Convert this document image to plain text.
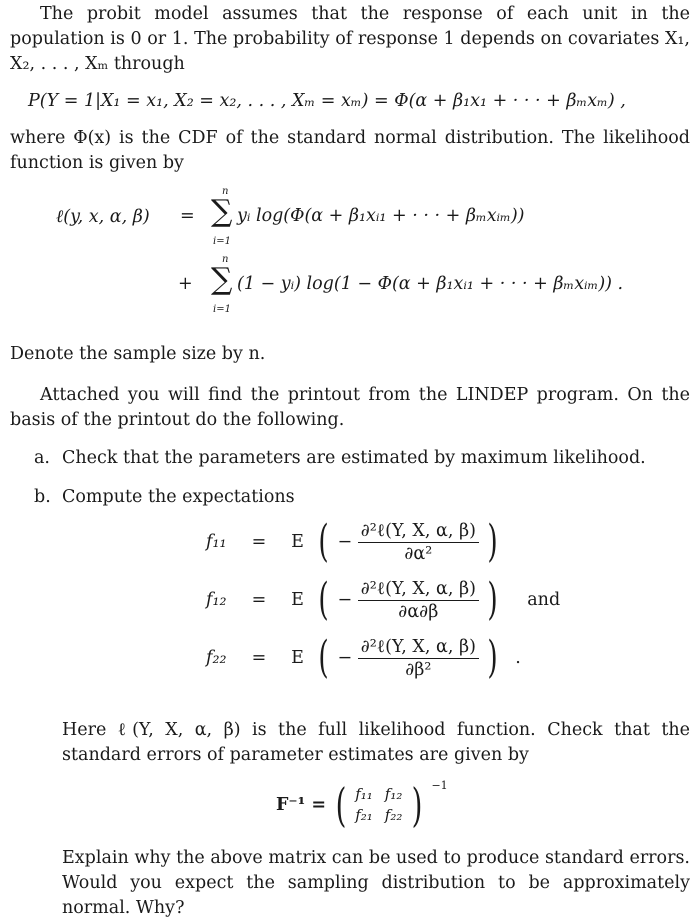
The probit model assumes that the response of each unit in the population is 0 or 1. The probability of response 1 depends on covariates X₁, X₂, . . . , Xₘ through

P(Y = 1|X₁ = x₁, X₂ = x₂, . . . , Xₘ = xₘ) = Φ(α + β₁x₁ + · · · + βₘxₘ) ,

where Φ(x) is the CDF of the standard normal distribution. The likelihood function is given by

ℓ(y, x, α, β) =
n
∑
i=1
yᵢ log(Φ(α + β₁xᵢ₁ + · · · + βₘxᵢₘ))
+
n
∑
i=1
(1 − yᵢ) log(1 − Φ(α + β₁xᵢ₁ + · · · + βₘxᵢₘ)) .

Denote the sample size by n.

Attached you will find the printout from the LINDEP program. On the basis of the printout do the following.

a. Check that the parameters are estimated by maximum likelihood.
b. Compute the expectations
f₁₁ = E ( − $\frac{\text{∂²ℓ(Y, X, α, β)}}{\text{∂α²}}$ )
f₁₂ = E ( − $\frac{\text{∂²ℓ(Y, X, α, β)}}{\partial\alpha\partial\beta}$ ) and
f₂₂ = E ( − $\frac{\text{∂²ℓ(Y, X, α, β)}}{\text{∂β²}}$ ) .

Here ℓ(Y, X, α, β) is the full likelihood function. Check that the standard errors of parameter estimates are given by

F⁻¹ = ( f₁₁ f₁₂
f₂₁ f₂₂ ) $^{-1}$

Explain why the above matrix can be used to produce standard errors. Would you expect the sampling distribution to be approximately normal. Why?
